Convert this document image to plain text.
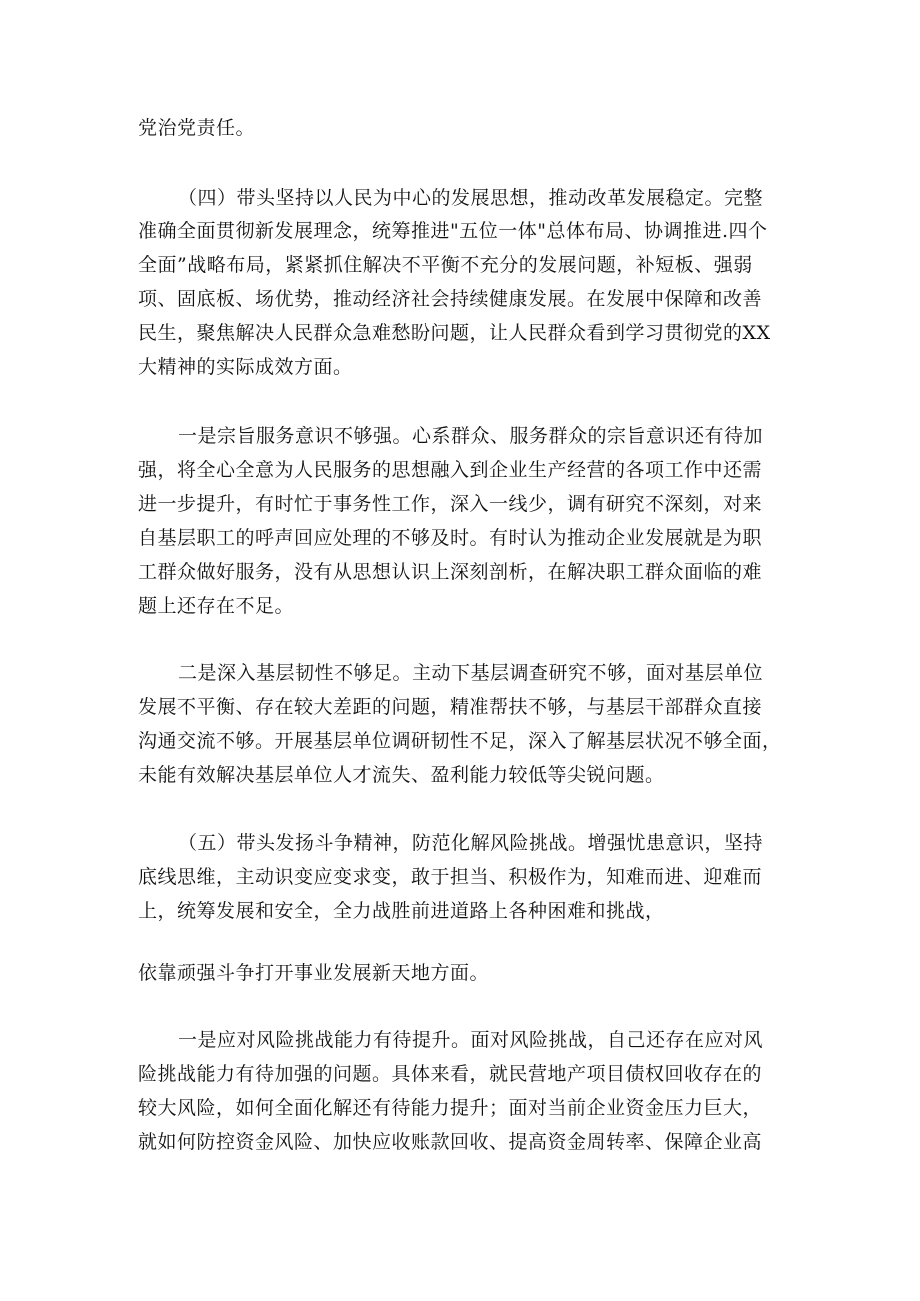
党治党责任。
（四）带头坚持以人民为中心的发展思想，推动改革发展稳定。完整
准确全面贯彻新发展理念，统筹推进"五位一体"总体布局、协调推进.四个
全面”战略布局，紧紧抓住解决不平衡不充分的发展问题，补短板、强弱
项、固底板、场优势，推动经济社会持续健康发展。在发展中保障和改善
民生，聚焦解决人民群众急难愁盼问题，让人民群众看到学习贯彻党的XX
大精神的实际成效方面。
一是宗旨服务意识不够强。心系群众、服务群众的宗旨意识还有待加
强，将全心全意为人民服务的思想融入到企业生产经营的各项工作中还需
进一步提升，有时忙于事务性工作，深入一线少，调有研究不深刻，对来
自基层职工的呼声回应处理的不够及时。有时认为推动企业发展就是为职
工群众做好服务，没有从思想认识上深刻剖析，在解决职工群众面临的难
题上还存在不足。
二是深入基层韧性不够足。主动下基层调查研究不够，面对基层单位
发展不平衡、存在较大差距的问题，精准帮扶不够，与基层干部群众直接
沟通交流不够。开展基层单位调研韧性不足，深入了解基层状况不够全面，
未能有效解决基层单位人才流失、盈利能力较低等尖锐问题。
（五）带头发扬斗争精神，防范化解风险挑战。增强忧患意识，坚持
底线思维，主动识变应变求变，敢于担当、积极作为，知难而进、迎难而
上，统筹发展和安全，全力战胜前进道路上各种困难和挑战，
依靠顽强斗争打开事业发展新天地方面。
一是应对风险挑战能力有待提升。面对风险挑战，自己还存在应对风
险挑战能力有待加强的问题。具体来看，就民营地产项目债权回收存在的
较大风险，如何全面化解还有待能力提升；面对当前企业资金压力巨大，
就如何防控资金风险、加快应收账款回收、提高资金周转率、保障企业高
